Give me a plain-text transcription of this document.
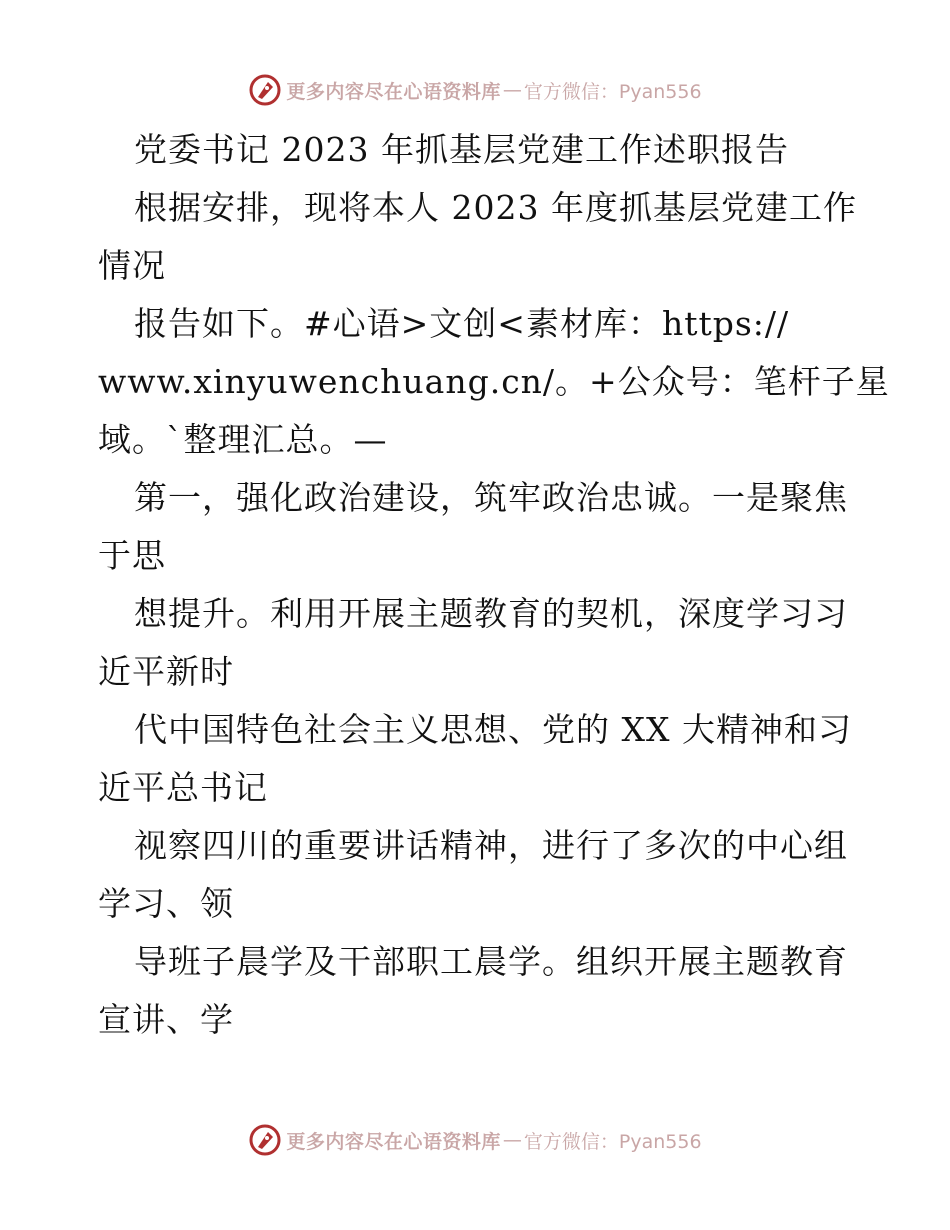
更多内容尽在心语资料库 — 官方微信：Pyan556
党委书记 2023 年抓基层党建工作述职报告
根据安排，现将本人 2023 年度抓基层党建工作
情况
报告如下。#心语>文创<素材库：https://
www.xinyuwenchuang.cn/。+公众号：笔杆子星
域。`整理汇总。—
第一，强化政治建设，筑牢政治忠诚。一是聚焦
于思
想提升。利用开展主题教育的契机，深度学习习
近平新时
代中国特色社会主义思想、党的 XX 大精神和习
近平总书记
视察四川的重要讲话精神，进行了多次的中心组
学习、领
导班子晨学及干部职工晨学。组织开展主题教育
宣讲、学
更多内容尽在心语资料库 — 官方微信：Pyan556
